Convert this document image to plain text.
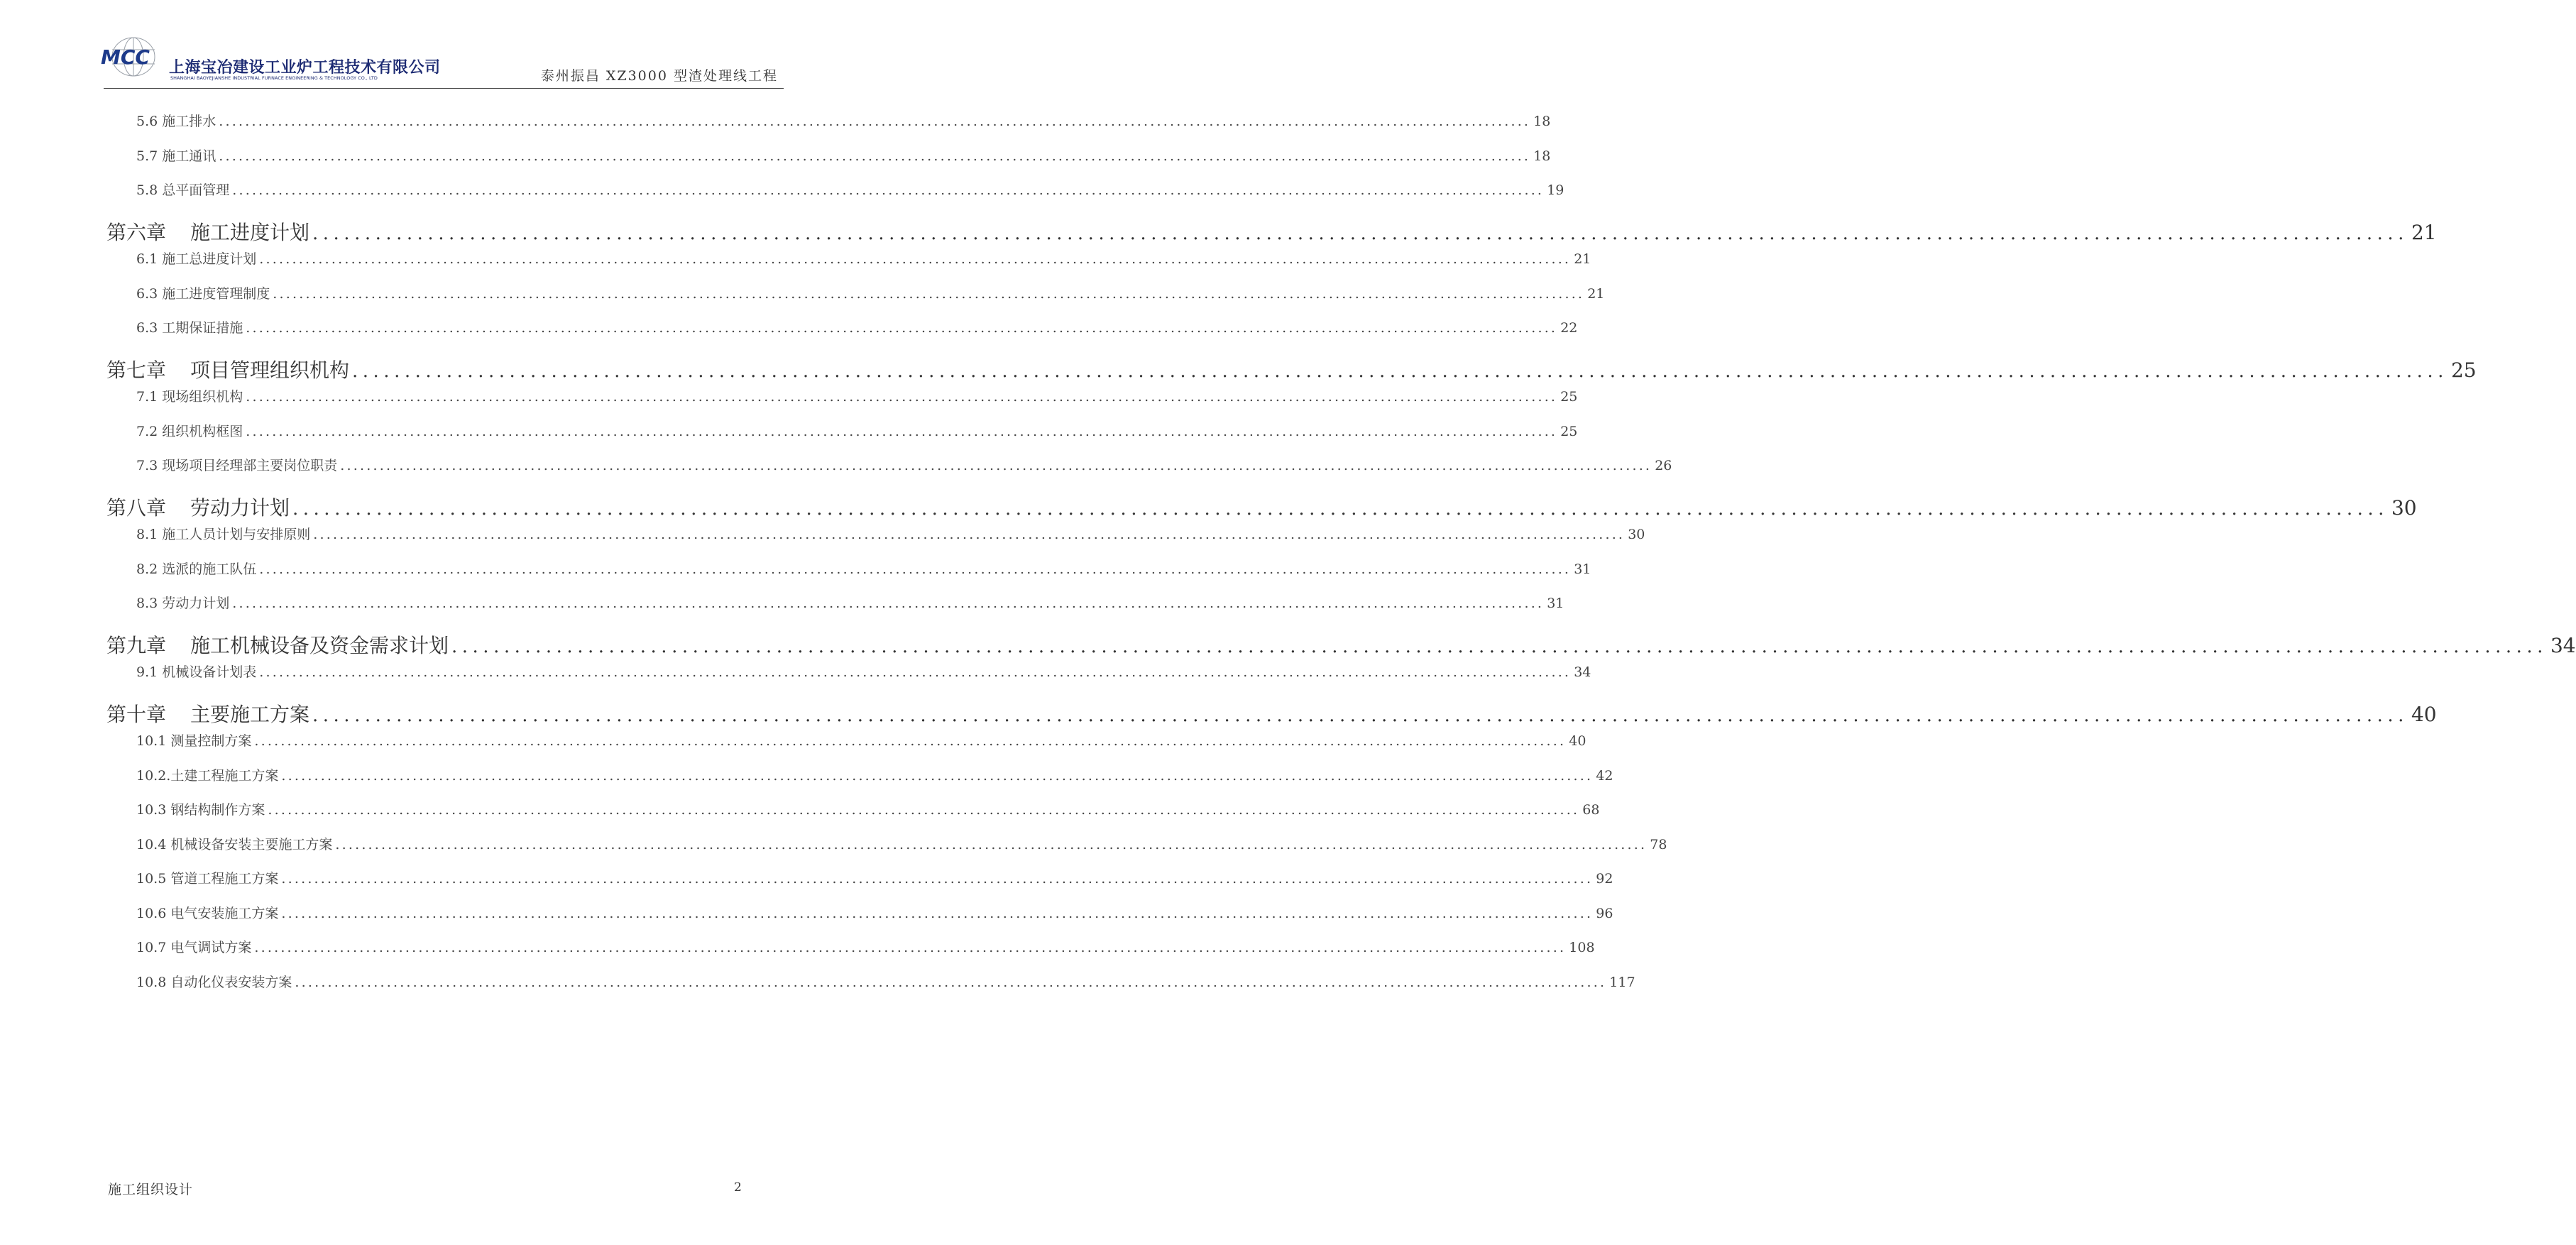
MCC 上海宝冶建设工业炉工程技术有限公司
SHANGHAI BAOYEJIANSHE INDUSTRIAL FURNACE ENGINEERING & TECHNOLOGY CO., LTD	泰州振昌 XZ3000 型渣处理线工程
5.6 施工排水 ........................................................................................................................................................................................................ 18
5.7 施工通讯 ........................................................................................................................................................................................................ 18
5.8 总平面管理 ........................................................................................................................................................................................................ 19
第六章 施工进度计划 ........................................................................................................................................................................................................ 21
6.1 施工总进度计划 ........................................................................................................................................................................................................ 21
6.3 施工进度管理制度 ........................................................................................................................................................................................................ 21
6.3 工期保证措施 ........................................................................................................................................................................................................ 22
第七章 项目管理组织机构 ........................................................................................................................................................................................................ 25
7.1 现场组织机构 ........................................................................................................................................................................................................ 25
7.2 组织机构框图 ........................................................................................................................................................................................................ 25
7.3 现场项目经理部主要岗位职责 ........................................................................................................................................................................................................ 26
第八章 劳动力计划 ........................................................................................................................................................................................................ 30
8.1 施工人员计划与安排原则 ........................................................................................................................................................................................................ 30
8.2 选派的施工队伍 ........................................................................................................................................................................................................ 31
8.3 劳动力计划 ........................................................................................................................................................................................................ 31
第九章 施工机械设备及资金需求计划 ........................................................................................................................................................................................................ 34
9.1 机械设备计划表 ........................................................................................................................................................................................................ 34
第十章 主要施工方案 ........................................................................................................................................................................................................ 40
10.1 测量控制方案 ........................................................................................................................................................................................................ 40
10.2.土建工程施工方案 ........................................................................................................................................................................................................ 42
10.3 钢结构制作方案 ........................................................................................................................................................................................................ 68
10.4 机械设备安装主要施工方案 ........................................................................................................................................................................................................ 78
10.5 管道工程施工方案 ........................................................................................................................................................................................................ 92
10.6 电气安装施工方案 ........................................................................................................................................................................................................ 96
10.7 电气调试方案 ........................................................................................................................................................................................................ 108
10.8 自动化仪表安装方案 ........................................................................................................................................................................................................ 117
施工组织设计	2
